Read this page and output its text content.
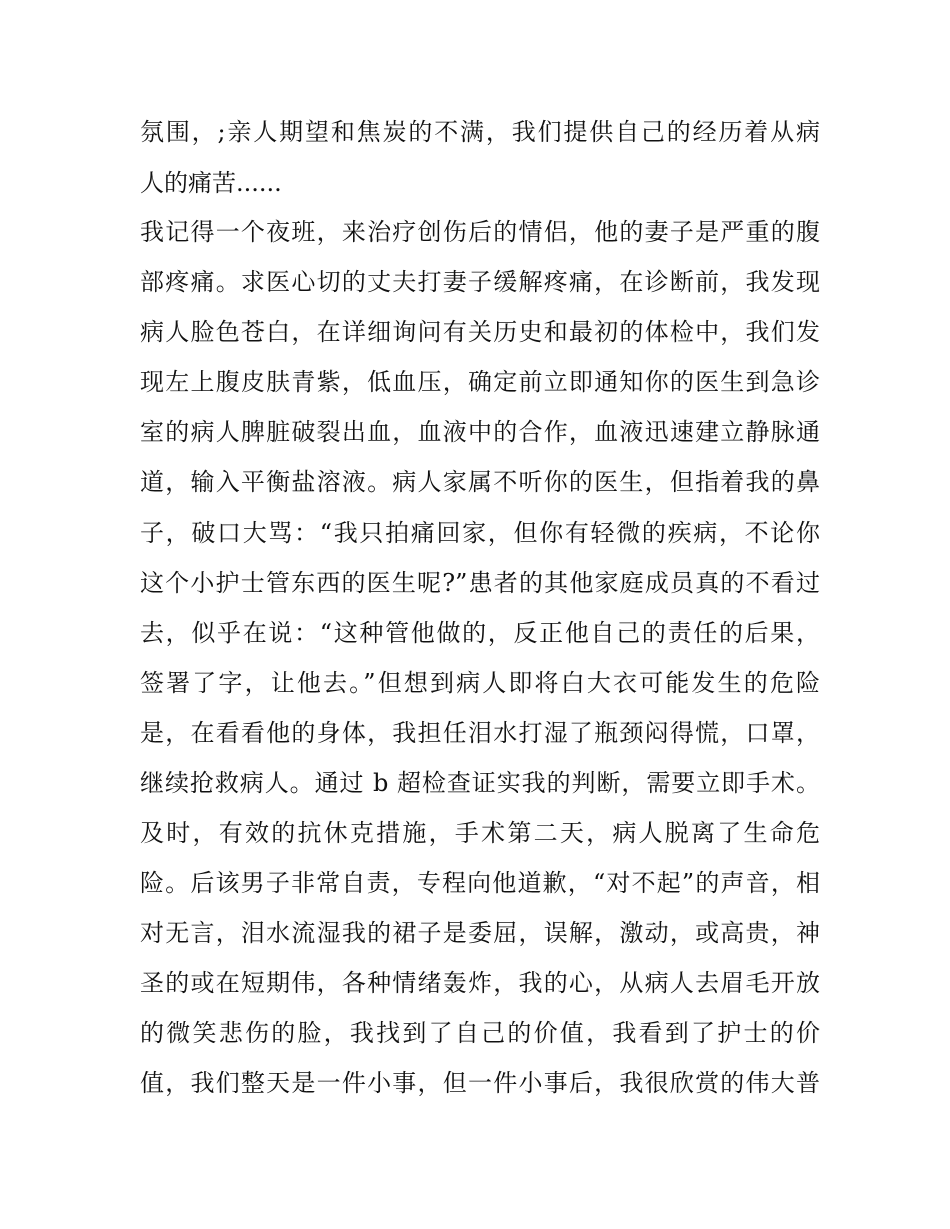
氛围，;亲人期望和焦炭的不满，我们提供自己的经历着从病
人的痛苦......
我记得一个夜班，来治疗创伤后的情侣，他的妻子是严重的腹
部疼痛。求医心切的丈夫打妻子缓解疼痛，在诊断前，我发现
病人脸色苍白，在详细询问有关历史和最初的体检中，我们发
现左上腹皮肤青紫，低血压，确定前立即通知你的医生到急诊
室的病人脾脏破裂出血，血液中的合作，血液迅速建立静脉通
道，输入平衡盐溶液。病人家属不听你的医生，但指着我的鼻
子，破口大骂：“我只拍痛回家，但你有轻微的疾病，不论你
这个小护士管东西的医生呢?”患者的其他家庭成员真的不看过
去，似乎在说：“这种管他做的，反正他自己的责任的后果，
签署了字，让他去。”但想到病人即将白大衣可能发生的危险
是，在看看他的身体，我担任泪水打湿了瓶颈闷得慌，口罩，
继续抢救病人。通过 b 超检查证实我的判断，需要立即手术。
及时，有效的抗休克措施，手术第二天，病人脱离了生命危
险。后该男子非常自责，专程向他道歉，“对不起”的声音，相
对无言，泪水流湿我的裙子是委屈，误解，激动，或高贵，神
圣的或在短期伟，各种情绪轰炸，我的心，从病人去眉毛开放
的微笑悲伤的脸，我找到了自己的价值，我看到了护士的价
值，我们整天是一件小事，但一件小事后，我很欣赏的伟大普
